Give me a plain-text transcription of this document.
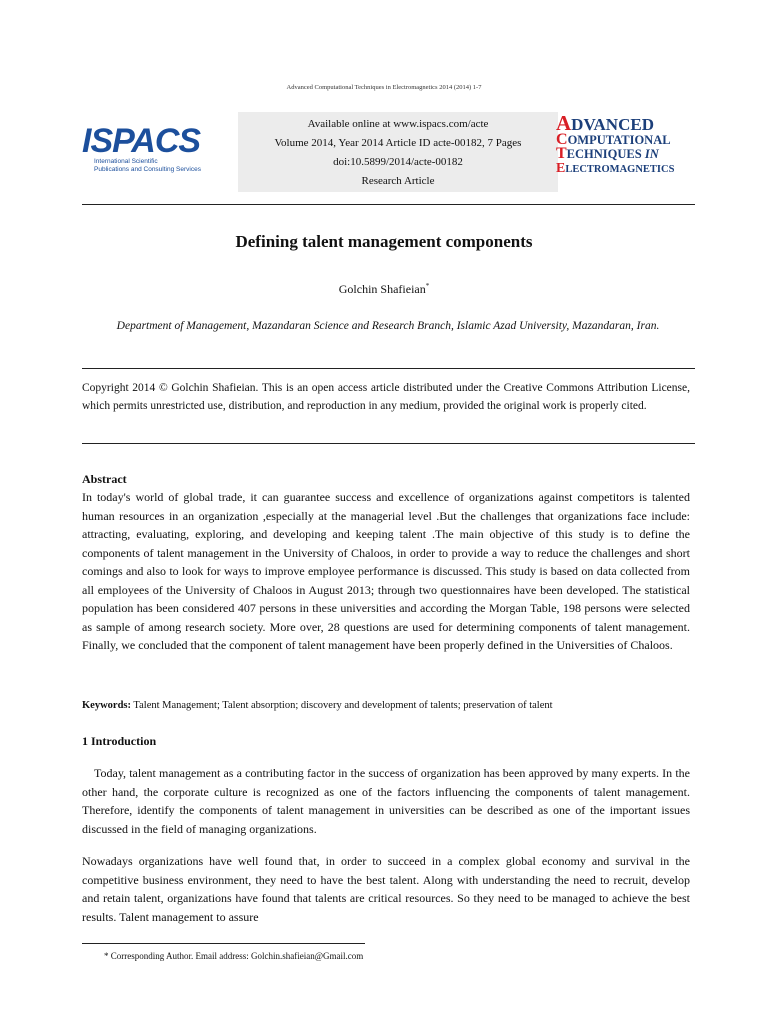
Advanced Computational Techniques in Electromagnetics 2014 (2014) 1-7
ISPACS
International Scientific
Publications and Consulting Services
Available online at www.ispacs.com/acte
Volume 2014, Year 2014 Article ID acte-00182, 7 Pages
doi:10.5899/2014/acte-00182
Research Article
ADVANCED
COMPUTATIONAL
TECHNIQUES IN
ELECTROMAGNETICS
Defining talent management components
Golchin Shafieian*
Department of Management, Mazandaran Science and Research Branch, Islamic Azad University, Mazandaran, Iran.
Copyright 2014 © Golchin Shafieian. This is an open access article distributed under the Creative Commons Attribution License, which permits unrestricted use, distribution, and reproduction in any medium, provided the original work is properly cited.
Abstract
In today's world of global trade, it can guarantee success and excellence of organizations against competitors is talented human resources in an organization ,especially at the managerial level .But the challenges that organizations face include: attracting, evaluating, exploring, and developing and keeping talent .The main objective of this study is to define the components of talent management in the University of Chaloos, in order to provide a way to reduce the challenges and short comings and also to look for ways to improve employee performance is discussed. This study is based on data collected from all employees of the University of Chaloos in August 2013; through two questionnaires have been developed. The statistical population has been considered 407 persons in these universities and according the Morgan Table, 198 persons were selected as sample of among research society. More over, 28 questions are used for determining components of talent management. Finally, we concluded that the component of talent management have been properly defined in the Universities of Chaloos.
Keywords: Talent Management; Talent absorption; discovery and development of talents; preservation of talent
1 Introduction
Today, talent management as a contributing factor in the success of organization has been approved by many experts. In the other hand, the corporate culture is recognized as one of the factors influencing the components of talent management. Therefore, identify the components of talent management in universities can be described as one of the important issues discussed in the field of managing organizations.
Nowadays organizations have well found that, in order to succeed in a complex global economy and survival in the competitive business environment, they need to have the best talent. Along with understanding the need to recruit, develop and retain talent, organizations have found that talents are critical resources. So they need to be managed to achieve the best results. Talent management to assure
* Corresponding Author. Email address: Golchin.shafieian@Gmail.com
